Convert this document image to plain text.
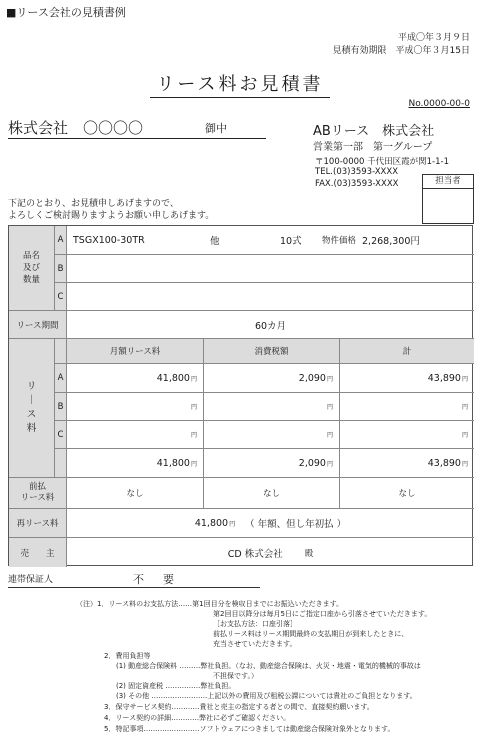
■リース会社の見積書例
平成〇年３月９日
見積有効期限　 平成〇年３月15日
リース料お見積書
No.0000-00-0
株式会社　〇〇〇〇	御中	ABリース　株式会社
営業第一部　第一グループ
〒100-0000 千代田区霞が関1-1-1
TEL.(03)3593-XXXX
FAX.(03)3593-XXXX	担当者
下記のとおり、お見積申しあげますので、
よろしくご検討賜りますようお願い申しあげます。
品名
及び
数量
A	TSGX100-30TR	他	10式	物件価格 2,268,300円
B
C
リース期間	60カ月
リ
｜
ス
料
月額リース料	消費税額	計
A	41,800 円	2,090 円	43,890 円
B	円	円	円
C	円	円	円
41,800 円	2,090 円	43,890 円
前払
リース料	なし	なし	なし
再リース料	41,800 円 （ 年額、但し年初払 ）
売　　主	CD 株式会社	殿
連帯保証人	不　要
（注）1．リース料のお支払方法……第1回目分を検収日までにお振込いただきます。
第2回目以降分は毎月5日にご指定口座から引落させていただきます。
［お支払方法：口座引落］
前払リース料はリース期間最終の支払期日が到来したときに、
充当させていただきます。
2．費用負担等
(1) 動産総合保険料 ………弊社負担。（なお、動産総合保険は、火災・地震・電気的機械的事故は
不担保です。）
(2) 固定資産税 ……………弊社負担。
(3) その他 ……………………上記以外の費用及び租税公課については貴社のご負担となります。
3．保守サービス契約…………貴社と売主の指定する者との間で、直接契約願います。
4．リース契約の詳細…………弊社に必ずご確認ください。
5．特記事項……………………ソフトウェアにつきましては動産総合保険対象外となります。
